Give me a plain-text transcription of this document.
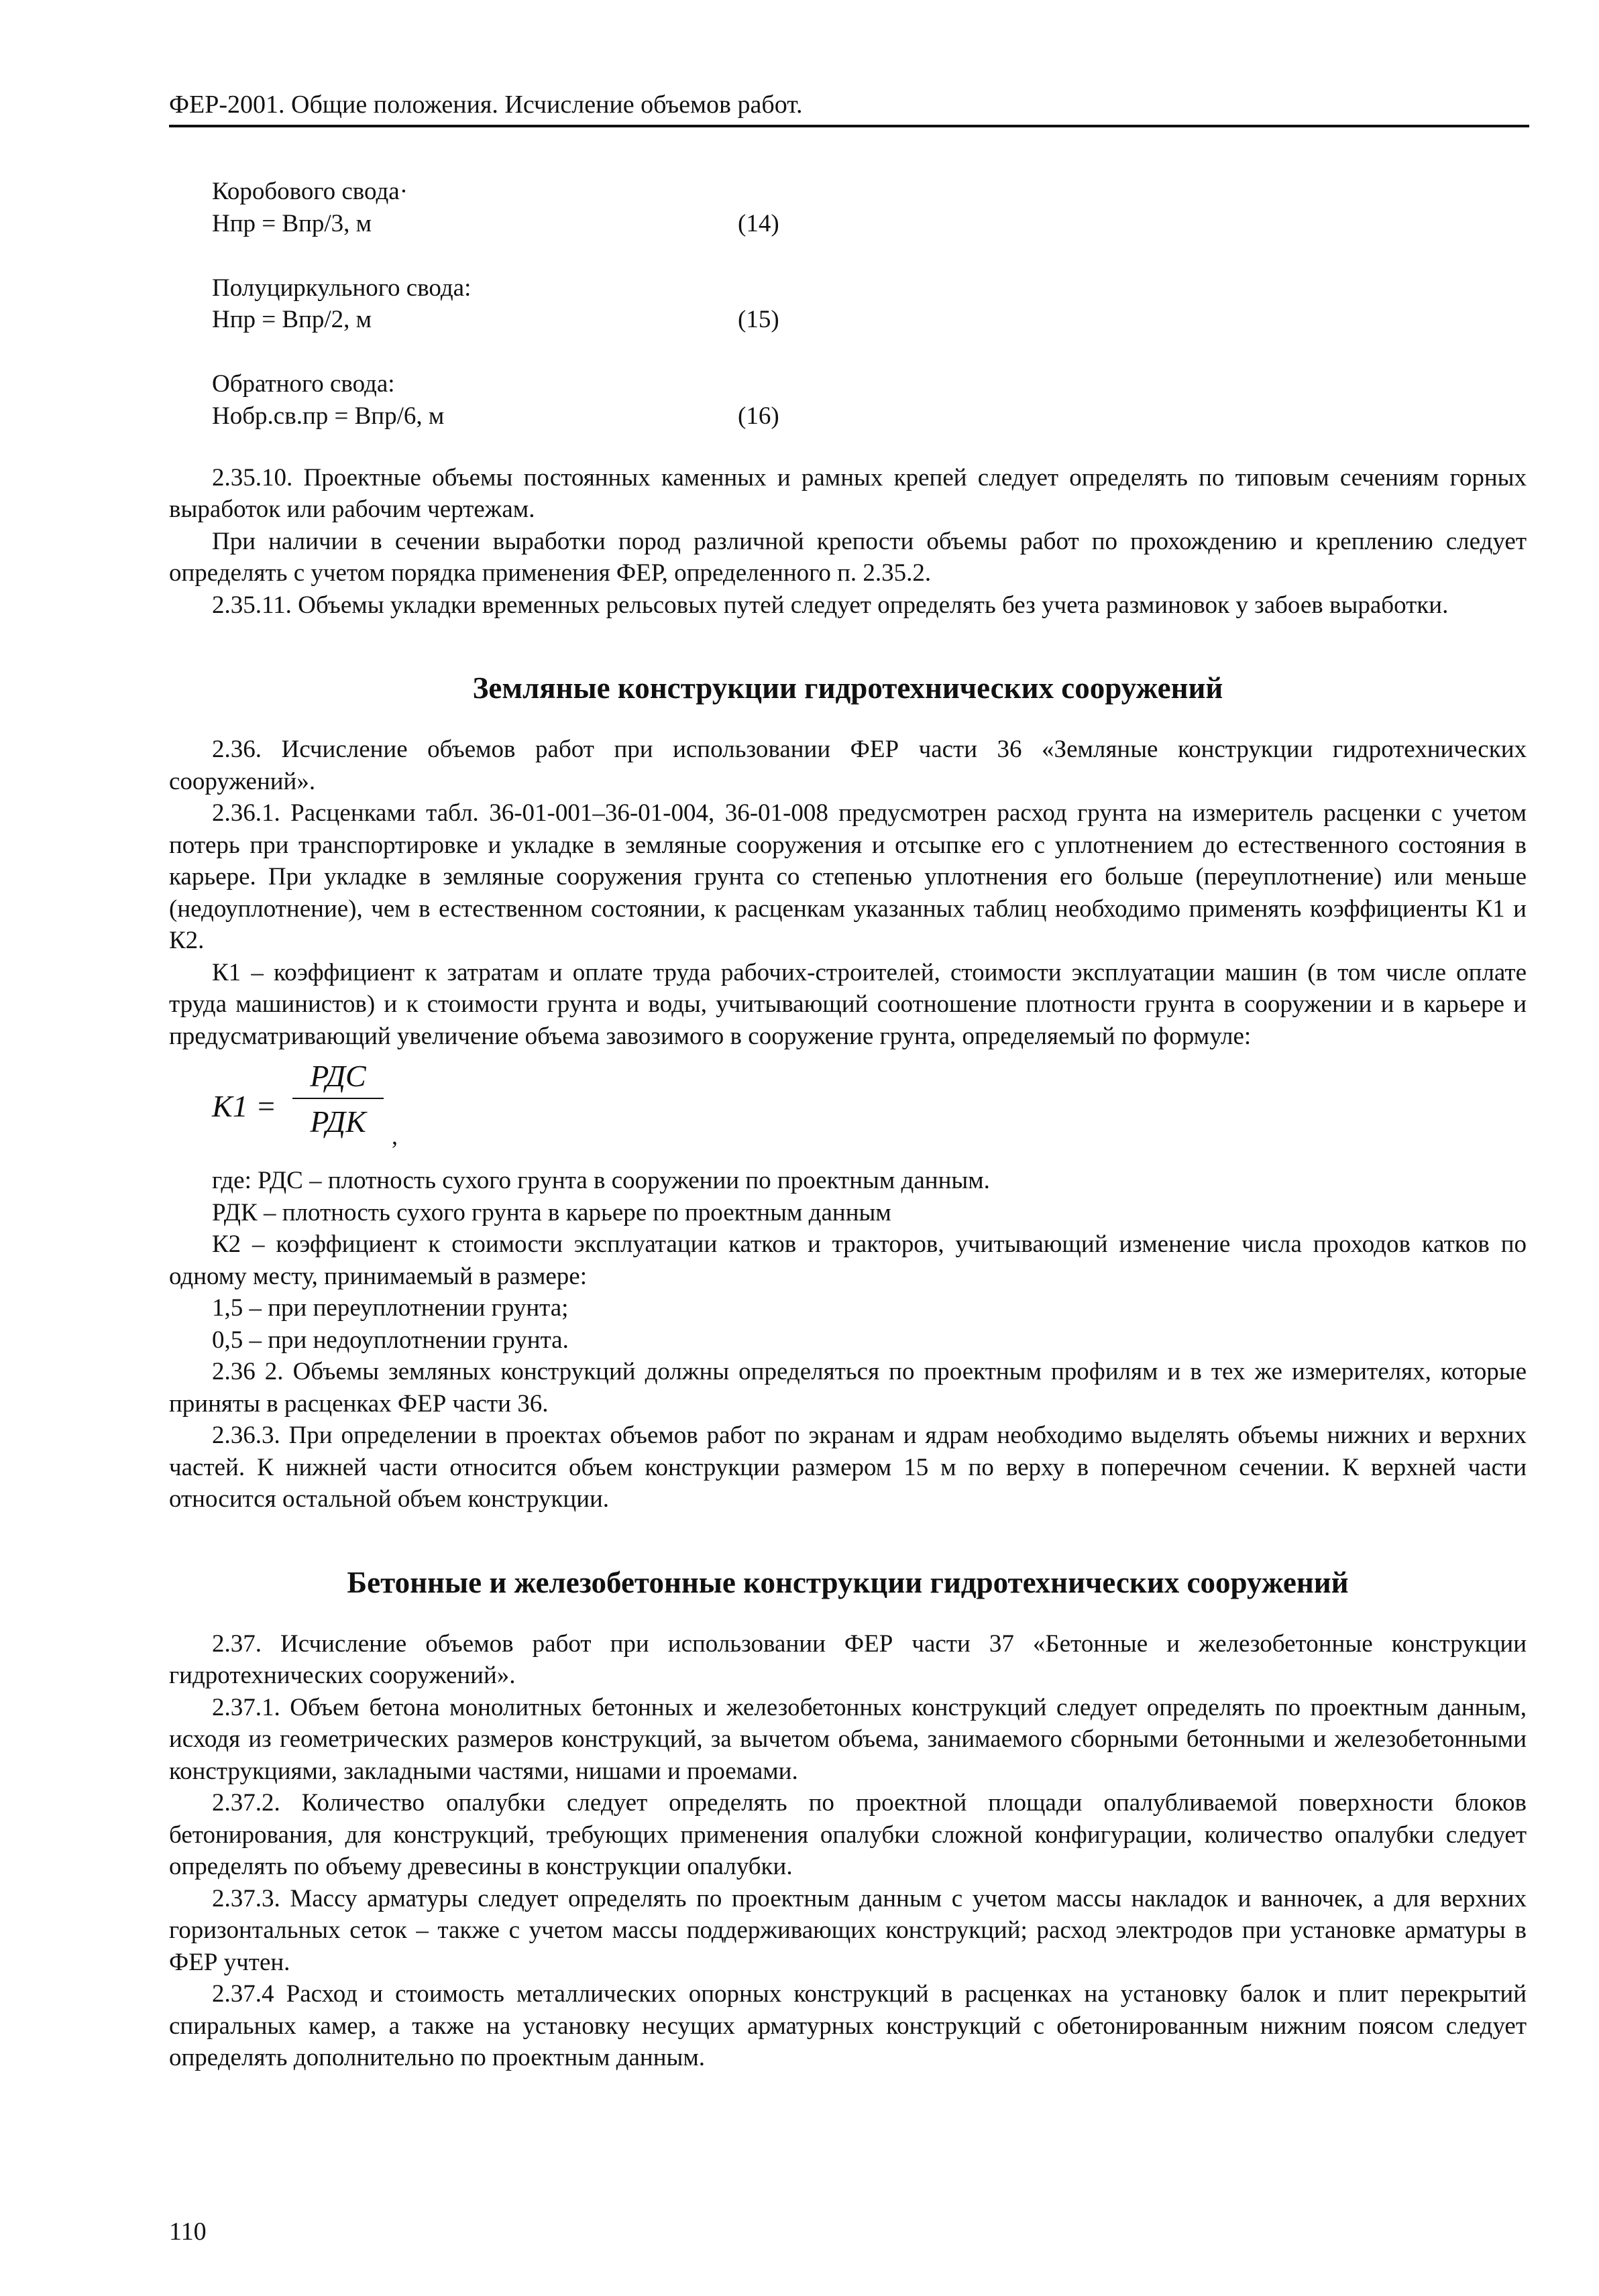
ФЕР-2001. Общие положения. Исчисление объемов работ.
Коробового свода·
Hпр = Bпр/3, м	(14)
Полуциркульного свода:
Hпр = Bпр/2, м	(15)
Обратного свода:
Hобр.св.пр = Bпр/6, м	(16)

2.35.10. Проектные объемы постоянных каменных и рамных крепей следует определять по типовым сечениям горных выработок или рабочим чертежам.

При наличии в сечении выработки пород различной крепости объемы работ по прохождению и креплению следует определять с учетом порядка применения ФЕР, определенного п. 2.35.2.

2.35.11. Объемы укладки временных рельсовых путей следует определять без учета разминовок у забоев выработки.

Земляные конструкции гидротехнических сооружений

2.36. Исчисление объемов работ при использовании ФЕР части 36 «Земляные конструкции гидротехнических сооружений».

2.36.1. Расценками табл. 36-01-001–36-01-004, 36-01-008 предусмотрен расход грунта на измеритель расценки с учетом потерь при транспортировке и укладке в земляные сооружения и отсыпке его с уплотнением до естественного состояния в карьере. При укладке в земляные сооружения грунта со степенью уплотнения его больше (переуплотнение) или меньше (недоуплотнение), чем в естественном состоянии, к расценкам указанных таблиц необходимо применять коэффициенты К1 и К2.

К1 – коэффициент к затратам и оплате труда рабочих-строителей, стоимости эксплуатации машин (в том числе оплате труда машинистов) и к стоимости грунта и воды, учитывающий соотношение плотности грунта в сооружении и в карьере и предусматривающий увеличение объема завозимого в сооружение грунта, определяемый по формуле:

K1 =
РДС
РДК	,

где: РДС – плотность сухого грунта в сооружении по проектным данным.

РДК – плотность сухого грунта в карьере по проектным данным

К2 – коэффициент к стоимости эксплуатации катков и тракторов, учитывающий изменение числа проходов катков по одному месту, принимаемый в размере:

1,5 – при переуплотнении грунта;

0,5 – при недоуплотнении грунта.

2.36 2. Объемы земляных конструкций должны определяться по проектным профилям и в тех же измерителях, которые приняты в расценках ФЕР части 36.

2.36.3. При определении в проектах объемов работ по экранам и ядрам необходимо выделять объемы нижних и верхних частей. К нижней части относится объем конструкции размером 15 м по верху в поперечном сечении. К верхней части относится остальной объем конструкции.

Бетонные и железобетонные конструкции гидротехнических сооружений

2.37. Исчисление объемов работ при использовании ФЕР части 37 «Бетонные и железобетонные конструкции гидротехнических сооружений».

2.37.1. Объем бетона монолитных бетонных и железобетонных конструкций следует определять по проектным данным, исходя из геометрических размеров конструкций, за вычетом объема, занимаемого сборными бетонными и железобетонными конструкциями, закладными частями, нишами и проемами.

2.37.2. Количество опалубки следует определять по проектной площади опалубливаемой поверхности блоков бетонирования, для конструкций, требующих применения опалубки сложной конфигурации, количество опалубки следует определять по объему древесины в конструкции опалубки.

2.37.3. Массу арматуры следует определять по проектным данным с учетом массы накладок и ванночек, а для верхних горизонтальных сеток – также с учетом массы поддерживающих конструкций; расход электродов при установке арматуры в ФЕР учтен.

2.37.4 Расход и стоимость металлических опорных конструкций в расценках на установку балок и плит перекрытий спиральных камер, а также на установку несущих арматурных конструкций с обетонированным нижним поясом следует определять дополнительно по проектным данным.

110
